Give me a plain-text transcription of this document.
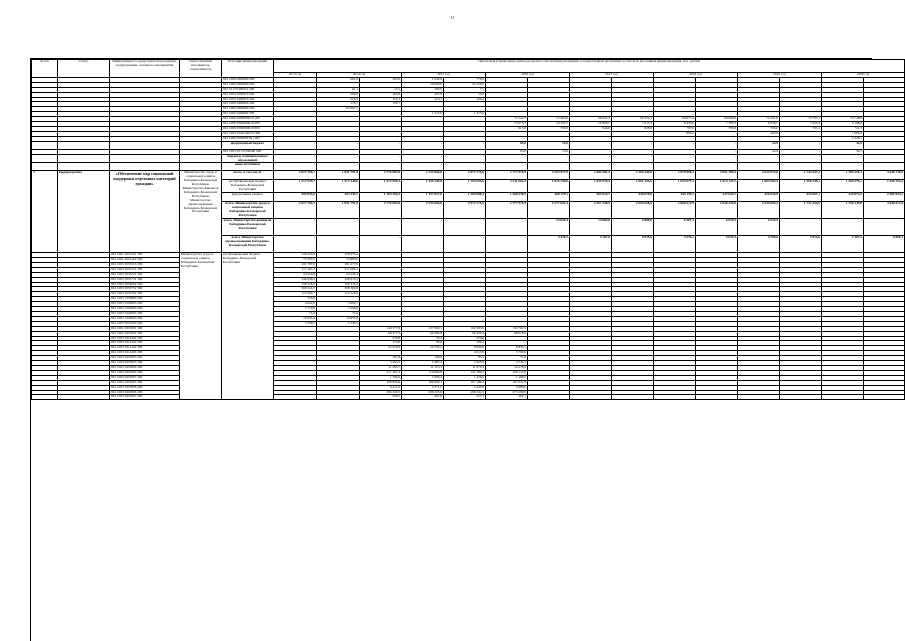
11
№ п/п	Статус	Наименование государственной программы, подпрограммы, основного мероприятия	Ответственный исполнитель, соисполнитель	Источник финансирования	Прогнозная (справочная) оценка ресурсного обеспечения реализации государственной программы за счет всех источников финансирования, тыс. рублей														
					2013 год	2014 год		2015 год		2016 год		2017 год		2018 год		2019 год		2020 год	
				961 1006 0400900 000		961,8	365,0	1 044,6	770,0										
				961 1006 0400900 300				30 000,0	22 129,0										
				961 0113 0400919 200		61,1	15,1	100,0	7,5										
				961 0705 0400970 200		200,0	195,8	207,0	10,0										
				961 0705 0400970 200		216,9	110,1	213,7	106,4										
				961 1006 0400906 200		133,7	133,7												
				961 1006 0400906 300		63 661,3													
				961 1006 0400909 300				1 315,6	1 315,6										
				961 1006 0300090019 100						74 124,5	72 465,0	69 041,3	69 331,5	69 677,4	69 966,6	74 431,6	73 797,3	74 748,6	
				961 1006 0300090019 200						15 075,7	10 320,7	10 900,7	7 615,3	8 430,0	7 785,3	9 036,7	7 923,2	9 168,0	
				961 1006 0300090019 800						913,9	729,0	946,8	828,0	797,6	795,6	703,0	703,1	741,5	
				961 1003 03А0160210 300										800,0		400,0		1 000,0	
				961 1006 030009Т001 200														4 328,7	
				федеральный бюджет	-	-	-	-	-	65,0	15,0	-	-	-	-	24,9	-	32,5	
				961 1003 03 0 0359400 200						65,0	15,0	-	-	-	-	24,9	-	32,5	
				бюджеты муниципальных образований	-	-	-	-	-	-	-	-	-	-	-	-	-	-	
				иные источники	-	-	-	-	-	-	-	-	-	-	-	-	-	-	
3	Подпрограмма	«Обеспечение мер социальной поддержки отдельных категорий граждан»	Министерство труда и социальной защиты Кабардино-Балкарской Республики, Министерство финансов Кабардино-Балкарской Республики, Министерство здравоохранения Кабардино-Балкарской Республики	всего, в том числе	2 017 764,7	1 951 791,9	2 776 983,8	2 753 066,0	2 972 775,0	2 777 915,9	2 293 977,9	2 282 581,3	2 109 444,0	2 079 896,3	2 051 769,4	2 024 974,6	1 743 347,2	1 705 252,3	3 946 738,5
				республиканский бюджет Кабардино-Балкарской Республики	1 517 929,7	1 517 449,0	1 572 590,3	1 555 249,8	1 703 094,6	1 511 002,4	1 825 798,0	1 839 570,5	1 661 434,0	1 633 977,2	1 614 125,7	1 683 963,5	1 300 340,1	1 265 579,1	1 546 704,2
				федеральный бюджет	499 835,0	434 343,1	1 204 394,5	1 197 817,0	1 269 680,4	1 266 036,5	468 179,1	463 010,7	448 010,0	445 159,1	437 643,7	420 010,9	443 007,1	439 673,2	2 400 034,3
				всего, Министерство труда и социальной защиты Кабардино-Балкарской Республики	2 017 764,7	1 951 791,9	2 776 983,8	2 753 066,0	2 972 775,0	2 777 915,9	2 277 601,3	2 267 348,5	2 095 928,6	2 068 512,9	2 040 329,6	2 039 695,3	1 737 434,6	1 700 145,8	3 940 972,4
				всего, Министерство финансов Кабардино-Балкарской Республики	-	-	-	-	-	-	12 845,4	13 069,0	9 800,0	6 307,3	6 910,5	6 910,5	-	-	-
				всего, Министерство здравоохранения Кабардино-Балкарской Республики	-	-	-	-	-	-	4 430,2	3 167,0	8 925,8	4 576,1	9 022,3	4 708,6	5 912,6	5 107,5	6 066,1
		961 1001 4910101 300	Министерство труда и социальной защиты Кабардино-Балкарской Республики	республиканский бюджет Кабардино-Балкарской Республики	139 414,8	139 935,4													
		961 1001 4910102 300			75 507,0	74 860,6													
		961 1003 5055516 300			181 787,0	181 477,6													
		961 1003 5055721 300			317 167,2	317 093,3													
		961 1003 5055722 300			24 256,0	24 242,4													
		961 1003 5055731 300			346 946,2	346 910,3													
		961 1003 5054002 300			159 418,2	159 310,3													
		961 1003 5055752 300			568 314,7	568 304,8													
		961 1003 5055762 300			112 262,7	112 229,9													
		961 1003 7418660 200			376,0														
		961 1003 5220003 200			4 022,0	3 964,7													
		961 1003 5220063 300			7 710,0	7 606,6													
		961 1003 5220063 200			71,6	71,6													
		961 1003 5220063 300			10 935,0	10 935,0													
		961 1003 5052200 300			5 336,3	5 336,3													
		961 1001 0410001 300					140 377,8	137 992,3	162 383,9	150 762,5									
		961 1001 0410002 300					66 377,5	86 384,8	99 432,0	98 018,9									
		961 1003 0412202 200					370,6	23,2	370,0	-									
		961 1003 0412204 200					115,6	93,6	109,2										
		961 1003 0412204 300					22 470,9	22 334,2	8 000,0	6 934,1									
		961 1003 0412206 300							4 013,0	3 760,0									
		961 1003 0410003 200					101,8	106,0	83,9	71,6									
		961 1003 0410003 300					5 465,5	5 467,3	4 925,0	4 734,7									
		961 1003 0410004 200					11 263,7	11 125,3	11 979,4	10 278,5									
		961 1003 0410004 300					117 302,3	119 984,8	141 780,4	106 113,8									
		961 1003 0410007 200					1 766,6	1 695,4	1 426,6	1 168,2									
		961 1003 0410005 300					190 830,6	189 980,1	167 180,2	167 021,8									
		961 1003 0410006 200					4 413,3	4 371,2	4 420,0	3 980,0									
		961 1003 0410006 300					296 326,5	296 325,0	296 344,3	275 209,9									
		961 1003 0410007 200					259,3	261,8	257,3	262,1									
